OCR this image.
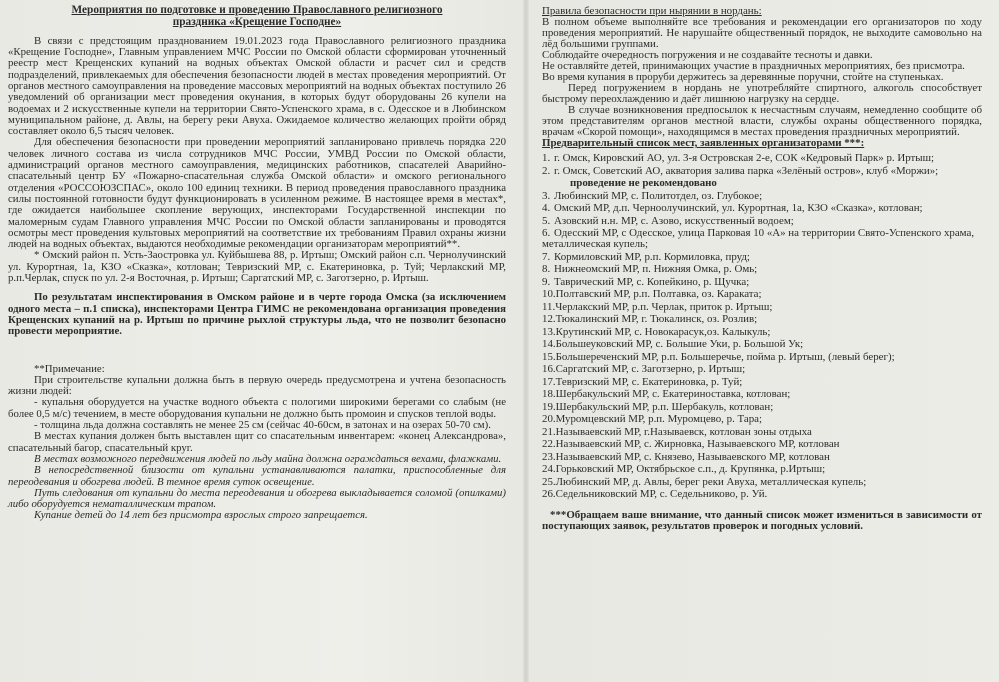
Мероприятия по подготовке и проведению Православного религиозного
праздника «Крещение Господне»

В связи с предстоящим празднованием 19.01.2023 года Православного религиозного праздника «Крещение Господне», Главным управлением МЧС России по Омской области сформирован уточненный реестр мест Крещенских купаний на водных объектах Омской области и расчет сил и средств подразделений, привлекаемых для обеспечения безопасности людей в местах проведения мероприятий. От органов местного самоуправления на проведение массовых мероприятий на водных объектах поступило 26 уведомлений об организации мест проведения окунания, в которых будут оборудованы 26 купели на водоемах и 2 искусственные купели на территории Свято-Успенского храма, в с. Одесское и в Любинском муниципальном районе, д. Авлы, на берегу реки Авуха. Ожидаемое количество желающих пройти обряд составляет около 6,5 тысяч человек.

Для обеспечения безопасности при проведении мероприятий запланировано привлечь порядка 220 человек личного состава из числа сотрудников МЧС России, УМВД России по Омской области, администраций органов местного самоуправления, медицинских работников, спасателей Аварийно-спасательный центр БУ «Пожарно-спасательная служба Омской области» и омского регионального отделения «РОССОЮЗСПАС», около 100 единиц техники. В период проведения православного праздника силы постоянной готовности будут функционировать в усиленном режиме. В настоящее время в местах*, где ожидается наибольшее скопление верующих, инспекторами Государственной инспекции по маломерным судам Главного управления МЧС России по Омской области запланированы и проводятся осмотры мест проведения культовых мероприятий на соответствие их требованиям Правил охраны жизни людей на водных объектах, выдаются необходимые рекомендации организаторам мероприятий**.

* Омский район п. Усть-Заостровка ул. Куйбышева 88, р. Иртыш; Омский район с.п. Чернолучинский ул. Курортная, 1а, КЗО «Сказка», котлован; Тевризский МР, с. Екатериновка, р. Туй; Черлакский МР, р.п.Черлак, спуск по ул. 2-я Восточная, р. Иртыш; Саргатский МР, с. Заготзерно, р. Иртыш.

По результатам инспектирования в Омском районе и в черте города Омска (за исключением одного места – п.1 списка), инспекторами Центра ГИМС не рекомендована организация проведения Крещенских купаний на р. Иртыш по причине рыхлой структуры льда, что не позволит безопасно провести мероприятие.

**Примечание:

При строительстве купальни должна быть в первую очередь предусмотрена и учтена безопасность жизни людей:

- купальня оборудуется на участке водного объекта с пологими широкими берегами со слабым (не более 0,5 м/с) течением, в месте оборудования купальни не должно быть промоин и спусков теплой воды.

- толщина льда должна составлять не менее 25 см (сейчас 40-60см, в затонах и на озерах 50-70 см).

В местах купания должен быть выставлен щит со спасательным инвентарем: «конец Александрова», спасательный багор, спасательный круг.

В местах возможного передвижения людей по льду майна должна ограждаться вехами, флажками.

В непосредственной близости от купальни устанавливаются палатки, приспособленные для переодевания и обогрева людей. В темное время суток освещение.

Путь следования от купальни до места переодевания и обогрева выкладывается соломой (опилками) либо оборудуется нематаллическим трапом.

Купание детей до 14 лет без присмотра взрослых строго запрещается.

Правила безопасности при нырянии в нордань:

В полном объеме выполняйте все требования и рекомендации его организаторов по ходу проведения мероприятий. Не нарушайте общественный порядок, не выходите самовольно на лёд большими группами.

Соблюдайте очередность погружения и не создавайте тесноты и давки.

Не оставляйте детей, принимающих участие в праздничных мероприятиях, без присмотра.

Во время купания в проруби держитесь за деревянные поручни, стойте на ступеньках.

Перед погружением в нордань не употребляйте спиртного, алкоголь способствует быстрому переохлаждению и даёт лишнюю нагрузку на сердце.

В случае возникновения предпосылок к несчастным случаям, немедленно сообщите об этом представителям органов местной власти, службы охраны общественного порядка, врачам «Скорой помощи», находящимся в местах проведения праздничных мероприятий.

Предварительный список мест, заявленных организаторами ***:

1. г. Омск, Кировский АО, ул. 3-я Островская 2-е, СОК «Кедровый Парк» р. Иртыш;
2. г. Омск, Советский АО, акватория залива парка «Зелёный остров», клуб «Моржи»;
проведение не рекомендовано
3. Любинский МР, с. Политотдел, оз. Глубокое;
4. Омский МР, д.п. Черноолучинский, ул. Курортная, 1а, КЗО «Сказка», котлован;
5. Азовский н.н. МР, с. Азово, искусственный водоем;
6. Одесский МР, с Одесское, улица Парковая 10 «А» на территории Свято-Успенского храма, металлическая купель;
7. Кормиловский МР, р.п. Кормиловка, пруд;
8. Нижнеомский МР, п. Нижняя Омка, р. Омь;
9. Таврический МР, с. Копейкино, р. Щучка;
10.Полтавский МР, р.п. Полтавка, оз. Караката;
11.Черлакский МР, р.п. Черлак, приток р. Иртыш;
12.Тюкалинский МР, г. Тюкалинск, оз. Розлив;
13.Крутинский МР, с. Новокарасук,оз. Калыкуль;
14.Большеуковский МР, с. Большие Уки, р. Большой Ук;
15.Большереченский МР, р.п. Большеречье, пойма р. Иртыш, (левый берег);
16.Саргатский МР, с. Заготзерно, р. Иртыш;
17.Тевризский МР, с. Екатериновка, р. Туй;
18.Шербакульский МР, с. Екатериноставка, котлован;
19.Шербакульский МР, р.п. Шербакуль, котлован;
20.Муромцевский МР, р.п. Муромцево, р. Тара;
21.Называевский МР, г.Называевск, котлован зоны отдыха
22.Называевский МР, с. Жирновка, Называевского МР, котлован
23.Называевский МР, с. Князево, Называевского МР, котлован
24.Горьковский МР, Октябрьское с.п., д. Крупянка, р.Иртыш;
25.Любинский МР, д. Авлы, берег реки Авуха, металлическая купель;
26.Седельниковский МР, с. Седельниково, р. Уй.

***Обращаем ваше внимание, что данный список может измениться в зависимости от поступающих заявок, результатов проверок и погодных условий.
